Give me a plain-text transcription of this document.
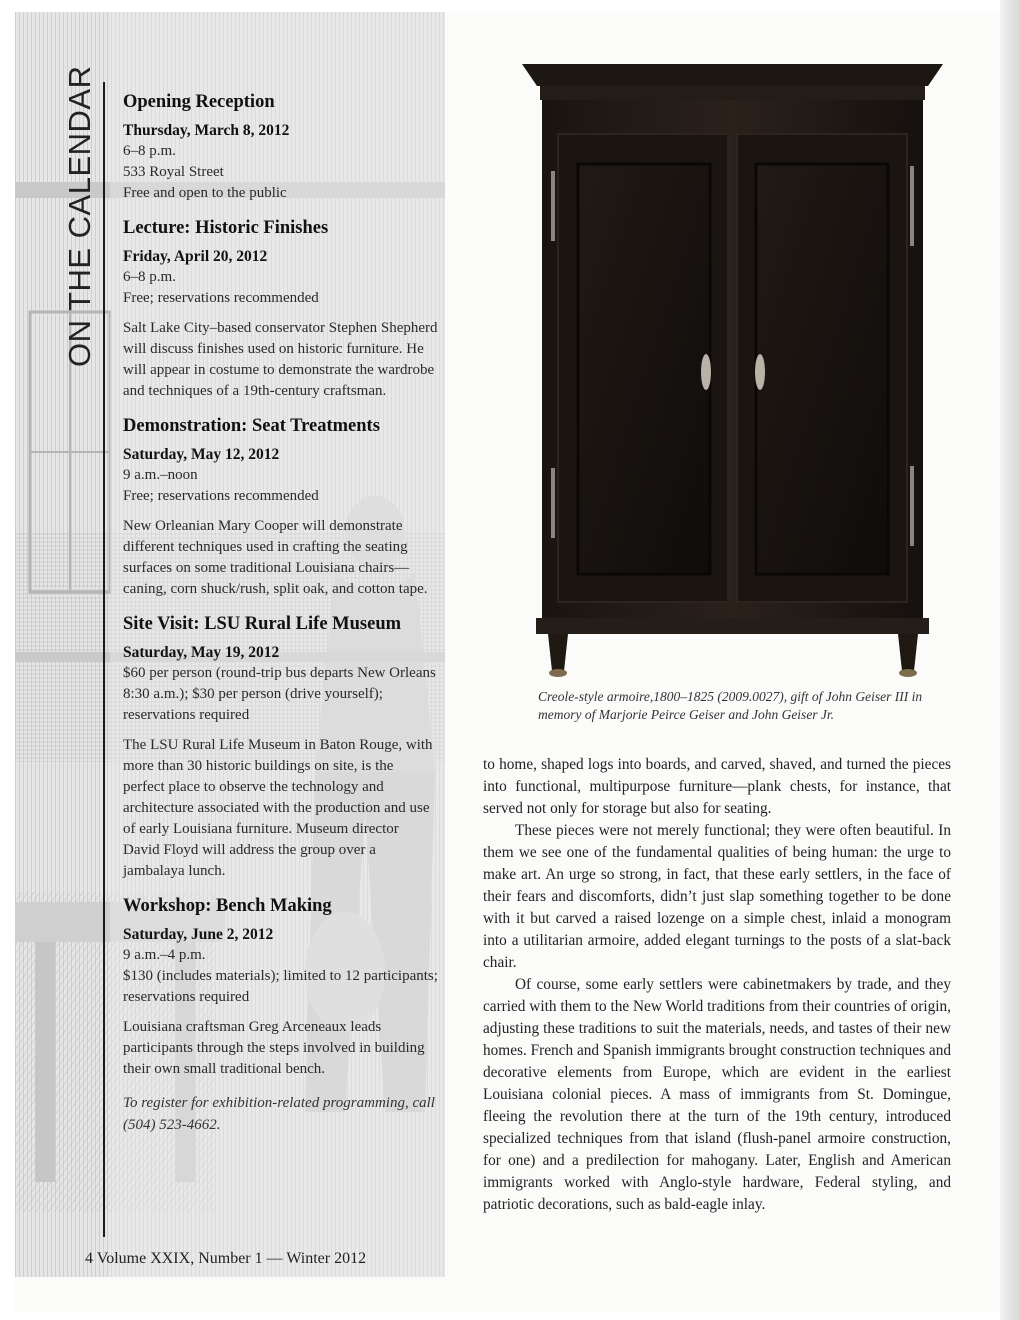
ON THE CALENDAR Opening Reception
Thursday, March 8, 2012
6–8 p.m.
533 Royal Street
Free and open to the public
Lecture: Historic Finishes
Friday, April 20, 2012
6–8 p.m.
Free; reservations recommended
Salt Lake City–based conservator Stephen Shepherd will discuss finishes used on historic furniture. He will appear in costume to demonstrate the wardrobe and techniques of a 19th-century craftsman.
Demonstration: Seat Treatments
Saturday, May 12, 2012
9 a.m.–noon
Free; reservations recommended
New Orleanian Mary Cooper will demonstrate different techniques used in crafting the seating surfaces on some traditional Louisiana chairs—caning, corn shuck/rush, split oak, and cotton tape.
Site Visit: LSU Rural Life Museum
Saturday, May 19, 2012
$60 per person (round-trip bus departs New Orleans 8:30 a.m.); $30 per person (drive yourself); reservations required
The LSU Rural Life Museum in Baton Rouge, with more than 30 historic buildings on site, is the perfect place to observe the technology and architecture associated with the production and use of early Louisiana furniture. Museum director David Floyd will address the group over a jambalaya lunch.
Workshop: Bench Making
Saturday, June 2, 2012
9 a.m.–4 p.m.
$130 (includes materials); limited to 12 participants; reservations required
Louisiana craftsman Greg Arceneaux leads participants through the steps involved in building their own small traditional bench.
To register for exhibition-related programming, call (504) 523-4662.
4 Volume XXIX, Number 1 — Winter 2012
Creole-style armoire,1800–1825 (2009.0027), gift of John Geiser III in memory of Marjorie Peirce Geiser and John Geiser Jr.

to home, shaped logs into boards, and carved, shaved, and turned the pieces into functional, multipurpose furniture—plank chests, for instance, that served not only for storage but also for seating.

These pieces were not merely functional; they were often beautiful. In them we see one of the fundamental qualities of being human: the urge to make art. An urge so strong, in fact, that these early settlers, in the face of their fears and discomforts, didn’t just slap something together to be done with it but carved a raised lozenge on a simple chest, inlaid a monogram into a utilitarian armoire, added elegant turnings to the posts of a slat-back chair.

Of course, some early settlers were cabinetmakers by trade, and they carried with them to the New World traditions from their countries of origin, adjusting these traditions to suit the materials, needs, and tastes of their new homes. French and Spanish immigrants brought construction techniques and decorative elements from Europe, which are evident in the earliest Louisiana colonial pieces. A mass of immigrants from St. Domingue, fleeing the revolution there at the turn of the 19th century, introduced specialized techniques from that island (flush-panel armoire construction, for one) and a predilection for mahogany. Later, English and American immigrants worked with Anglo-style hardware, Federal styling, and patriotic decorations, such as bald-eagle inlay.
